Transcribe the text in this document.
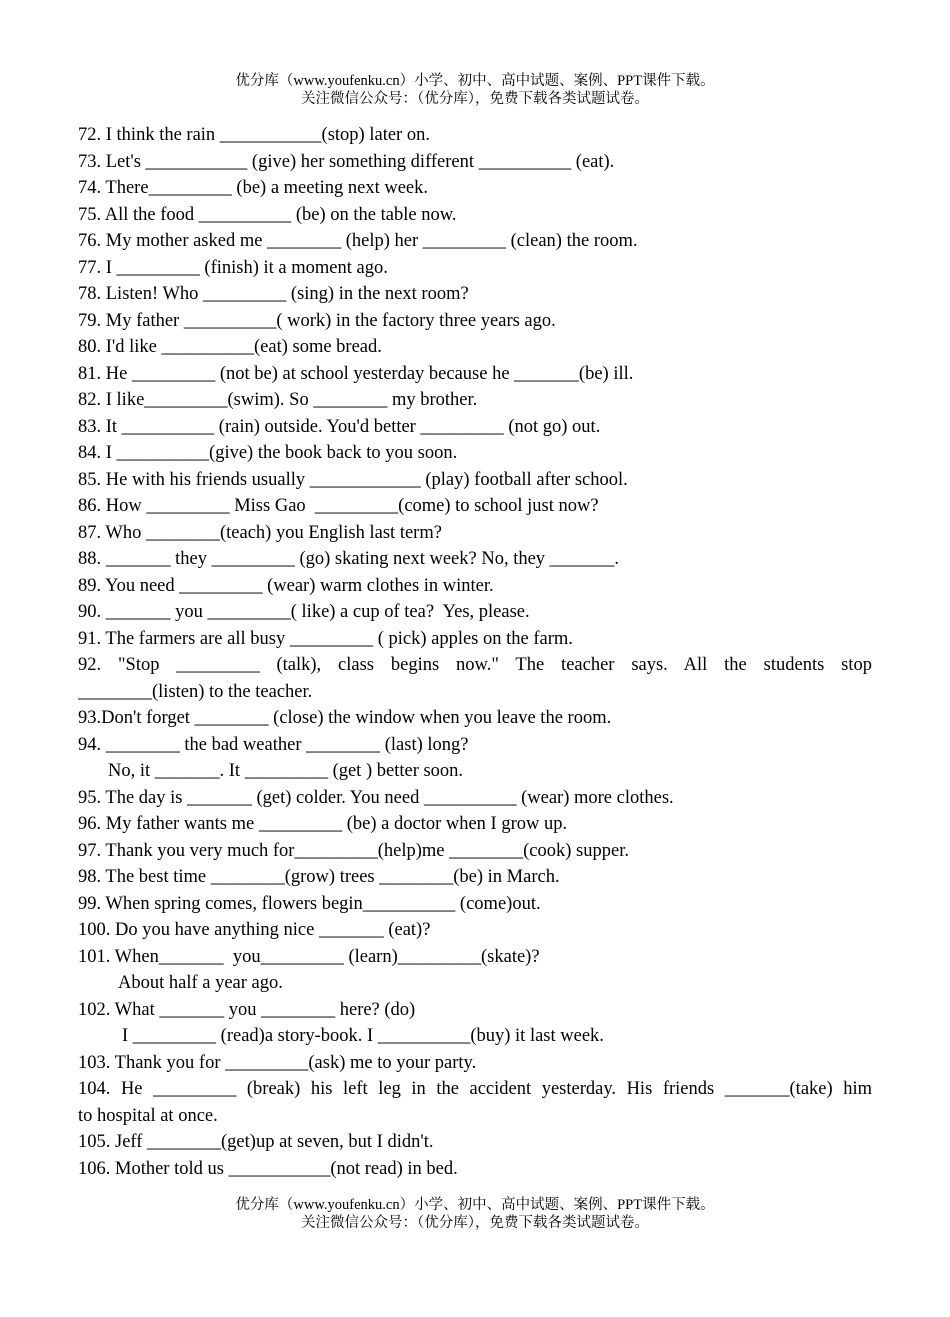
优分库（www.youfenku.cn）小学、初中、高中试题、案例、PPT课件下载。
关注微信公众号：（优分库），免费下载各类试题试卷。
72. I think the rain ___________(stop) later on.
73. Let's ___________ (give) her something different __________ (eat).
74. There_________ (be) a meeting next week.
75. All the food __________ (be) on the table now.
76. My mother asked me ________ (help) her _________ (clean) the room.
77. I _________ (finish) it a moment ago.
78. Listen! Who _________ (sing) in the next room?
79. My father __________( work) in the factory three years ago.
80. I'd like __________(eat) some bread.
81. He _________ (not be) at school yesterday because he _______(be) ill.
82. I like_________(swim). So ________ my brother.
83. It __________ (rain) outside. You'd better _________ (not go) out.
84. I __________(give) the book back to you soon.
85. He with his friends usually ____________ (play) football after school.
86. How _________ Miss Gao  _________(come) to school just now?
87. Who ________(teach) you English last term?
88. _______ they _________ (go) skating next week? No, they _______.
89. You need _________ (wear) warm clothes in winter.
90. _______ you _________( like) a cup of tea?  Yes, please.
91. The farmers are all busy _________ ( pick) apples on the farm.
92. "Stop _________ (talk), class begins now." The teacher says. All the students stop
________(listen) to the teacher.
93.Don't forget ________ (close) the window when you leave the room.
94. ________ the bad weather ________ (last) long?
No, it _______. It _________ (get ) better soon.
95. The day is _______ (get) colder. You need __________ (wear) more clothes.
96. My father wants me _________ (be) a doctor when I grow up.
97. Thank you very much for_________(help)me ________(cook) supper.
98. The best time ________(grow) trees ________(be) in March.
99. When spring comes, flowers begin__________ (come)out.
100. Do you have anything nice _______ (eat)?
101. When_______  you_________ (learn)_________(skate)?
About half a year ago.
102. What _______ you ________ here? (do)
I _________ (read)a story-book. I __________(buy) it last week.
103. Thank you for _________(ask) me to your party.
104. He _________ (break) his left leg in the accident yesterday. His friends _______(take) him
to hospital at once.
105. Jeff ________(get)up at seven, but I didn't.
106. Mother told us ___________(not read) in bed.
优分库（www.youfenku.cn）小学、初中、高中试题、案例、PPT课件下载。
关注微信公众号：（优分库），免费下载各类试题试卷。
